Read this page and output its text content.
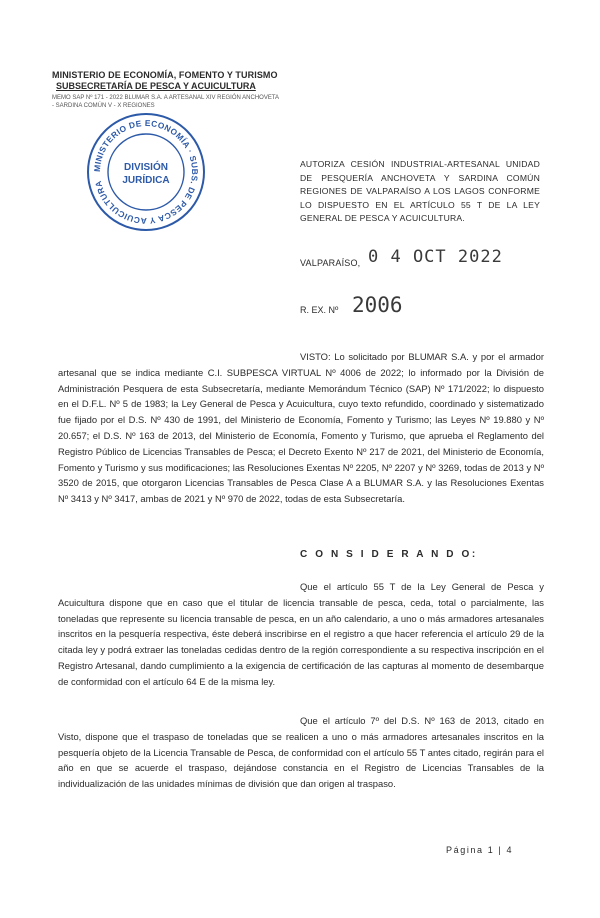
MINISTERIO DE ECONOMÍA, FOMENTO Y TURISMO
SUBSECRETARÍA DE PESCA Y ACUICULTURA
MEMO SAP Nº 171 - 2022 BLUMAR S.A. A ARTESANAL XIV REGIÓN ANCHOVETA - SARDINA COMÚN V - X REGIONES
MINISTERIO DE ECONOMÍA · SUBS. DE PESCA Y ACUICULTURA
DIVISIÓN
JURÍDICA
AUTORIZA CESIÓN INDUSTRIAL-ARTESANAL UNIDAD DE PESQUERÍA ANCHOVETA Y SARDINA COMÚN REGIONES DE VALPARAÍSO A LOS LAGOS CONFORME LO DISPUESTO EN EL ARTÍCULO 55 T DE LA LEY GENERAL DE PESCA Y ACUICULTURA.
VALPARAÍSO, 0 4 OCT 2022
R. EX. Nº 2006
VISTO: Lo solicitado por BLUMAR S.A. y por el armador artesanal que se indica mediante C.I. SUBPESCA VIRTUAL Nº 4006 de 2022; lo informado por la División de Administración Pesquera de esta Subsecretaría, mediante Memorándum Técnico (SAP) Nº 171/2022; lo dispuesto en el D.F.L. Nº 5 de 1983; la Ley General de Pesca y Acuicultura, cuyo texto refundido, coordinado y sistematizado fue fijado por el D.S. Nº 430 de 1991, del Ministerio de Economía, Fomento y Turismo; las Leyes Nº 19.880 y Nº 20.657; el D.S. Nº 163 de 2013, del Ministerio de Economía, Fomento y Turismo, que aprueba el Reglamento del Registro Público de Licencias Transables de Pesca; el Decreto Exento Nº 217 de 2021, del Ministerio de Economía, Fomento y Turismo y sus modificaciones; las Resoluciones Exentas Nº 2205, Nº 2207 y Nº 3269, todas de 2013 y Nº 3520 de 2015, que otorgaron Licencias Transables de Pesca Clase A a BLUMAR S.A. y las Resoluciones Exentas Nº 3413 y Nº 3417, ambas de 2021 y Nº 970 de 2022, todas de esta Subsecretaría.
C O N S I D E R A N D O:
Que el artículo 55 T de la Ley General de Pesca y Acuicultura dispone que en caso que el titular de licencia transable de pesca, ceda, total o parcialmente, las toneladas que represente su licencia transable de pesca, en un año calendario, a uno o más armadores artesanales inscritos en la pesquería respectiva, éste deberá inscribirse en el registro a que hacer referencia el artículo 29 de la citada ley y podrá extraer las toneladas cedidas dentro de la región correspondiente a su respectiva inscripción en el Registro Artesanal, dando cumplimiento a la exigencia de certificación de las capturas al momento de desembarque de conformidad con el artículo 64 E de la misma ley.
Que el artículo 7º del D.S. Nº 163 de 2013, citado en Visto, dispone que el traspaso de toneladas que se realicen a uno o más armadores artesanales inscritos en la pesquería objeto de la Licencia Transable de Pesca, de conformidad con el artículo 55 T antes citado, regirán para el año en que se acuerde el traspaso, dejándose constancia en el Registro de Licencias Transables de la individualización de las unidades mínimas de división que dan origen al traspaso.
Página 1 | 4
